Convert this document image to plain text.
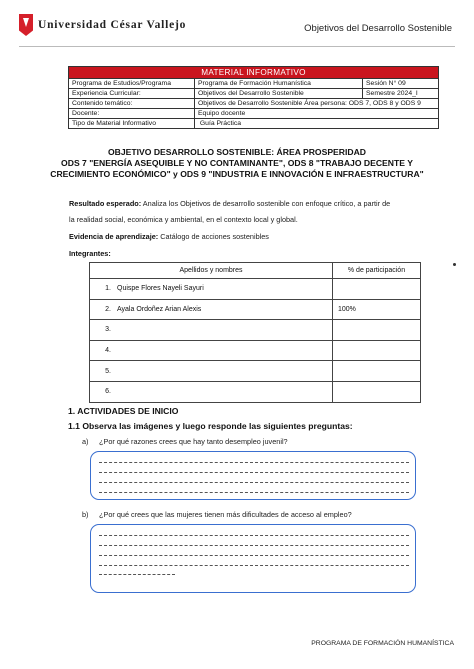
Universidad César Vallejo	Objetivos del Desarrollo Sostenible
MATERIAL INFORMATIVO		
Programa de Estudios/Programa	Programa de Formación Humanística	Sesión N° 09
Experiencia Curricular:	Objetivos del Desarrollo Sostenible	Semestre 2024_I
Contenido temático:	Objetivos de Desarrollo Sostenible Área persona: ODS 7, ODS 8 y ODS 9	
Docente:	Equipo docente	
Tipo de Material Informativo	Guía Práctica	
OBJETIVO DESARROLLO SOSTENIBLE: ÁREA PROSPERIDAD
ODS 7 "ENERGÍA ASEQUIBLE Y NO CONTAMINANTE", ODS 8 "TRABAJO DECENTE Y
CRECIMIENTO ECONÓMICO" y ODS 9 "INDUSTRIA E INNOVACIÓN E INFRAESTRUCTURA"
Resultado esperado: Analiza los Objetivos de desarrollo sostenible con enfoque crítico, a partir de
la realidad social, económica y ambiental, en el contexto local y global.
Evidencia de aprendizaje: Catálogo de acciones sostenibles
Integrantes:
Apellidos y nombres	% de participación
1. Quispe Flores Nayeli Sayuri	
2. Ayala Ordoñez Arian Alexis	100%
3.	
4.	
5.	
6.	
1. ACTIVIDADES DE INICIO
1.1 Observa las imágenes y luego responde las siguientes preguntas:
a) ¿Por qué razones crees que hay tanto desempleo juvenil?
b) ¿Por qué crees que las mujeres tienen más dificultades de acceso al empleo?
PROGRAMA DE FORMACIÓN HUMANÍSTICA
